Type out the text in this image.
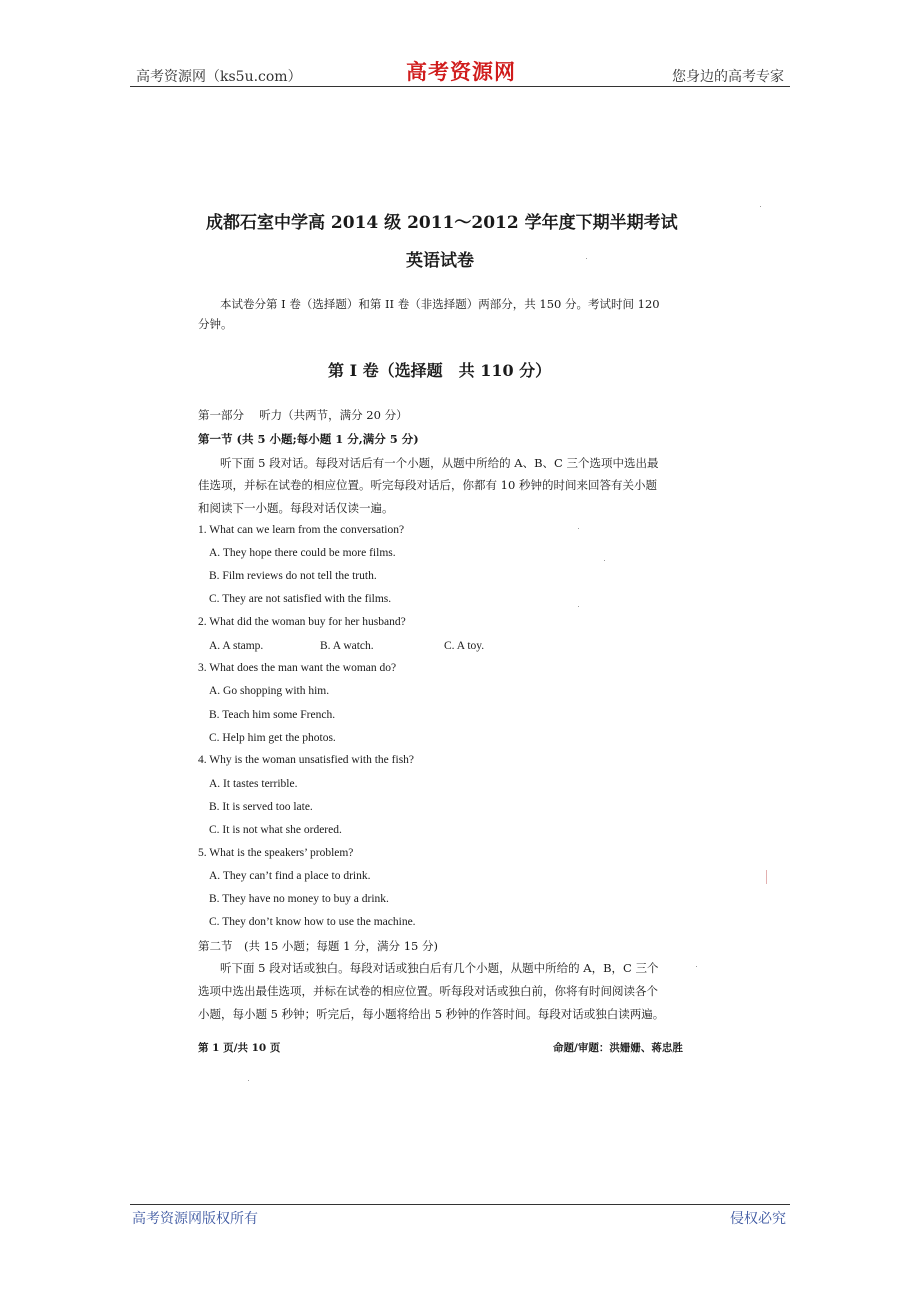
高考资源网（ks5u.com）	高考资源网	您身边的高考专家
成都石室中学高 2014 级 2011～2012 学年度下期半期考试
英语试卷
本试卷分第 I 卷（选择题）和第 II 卷（非选择题）两部分，共 150 分。考试时间 120
分钟。
第 I 卷（选择题　共 110 分）
第一部分　 听力（共两节，满分 20 分）
第一节 (共 5 小题;每小题 1 分,满分 5 分)
听下面 5 段对话。每段对话后有一个小题，从题中所给的 A、B、C 三个选项中选出最
佳选项，并标在试卷的相应位置。听完每段对话后，你都有 10 秒钟的时间来回答有关小题
和阅读下一小题。每段对话仅读一遍。
1. What can we learn from the conversation?
A. They hope there could be more films.
B. Film reviews do not tell the truth.
C. They are not satisfied with the films.
2. What did the woman buy for her husband?
A. A stamp.	B. A watch.	C. A toy.
3. What does the man want the woman do?
A. Go shopping with him.
B. Teach him some French.
C. Help him get the photos.
4. Why is the woman unsatisfied with the fish?
A. It tastes terrible.
B. It is served too late.
C. It is not what she ordered.
5. What is the speakers’ problem?
A. They can’t find a place to drink.
B. They have no money to buy a drink.
C. They don’t know how to use the machine.
第二节　(共 15 小题；每题 1 分，满分 15 分)
听下面 5 段对话或独白。每段对话或独白后有几个小题，从题中所给的 A，B，C 三个
选项中选出最佳选项，并标在试卷的相应位置。听每段对话或独白前，你将有时间阅读各个
小题，每小题 5 秒钟；听完后，每小题将给出 5 秒钟的作答时间。每段对话或独白读两遍。
第 1 页/共 10 页	命题/审题：洪姗姗、蒋忠胜
高考资源网版权所有	侵权必究
